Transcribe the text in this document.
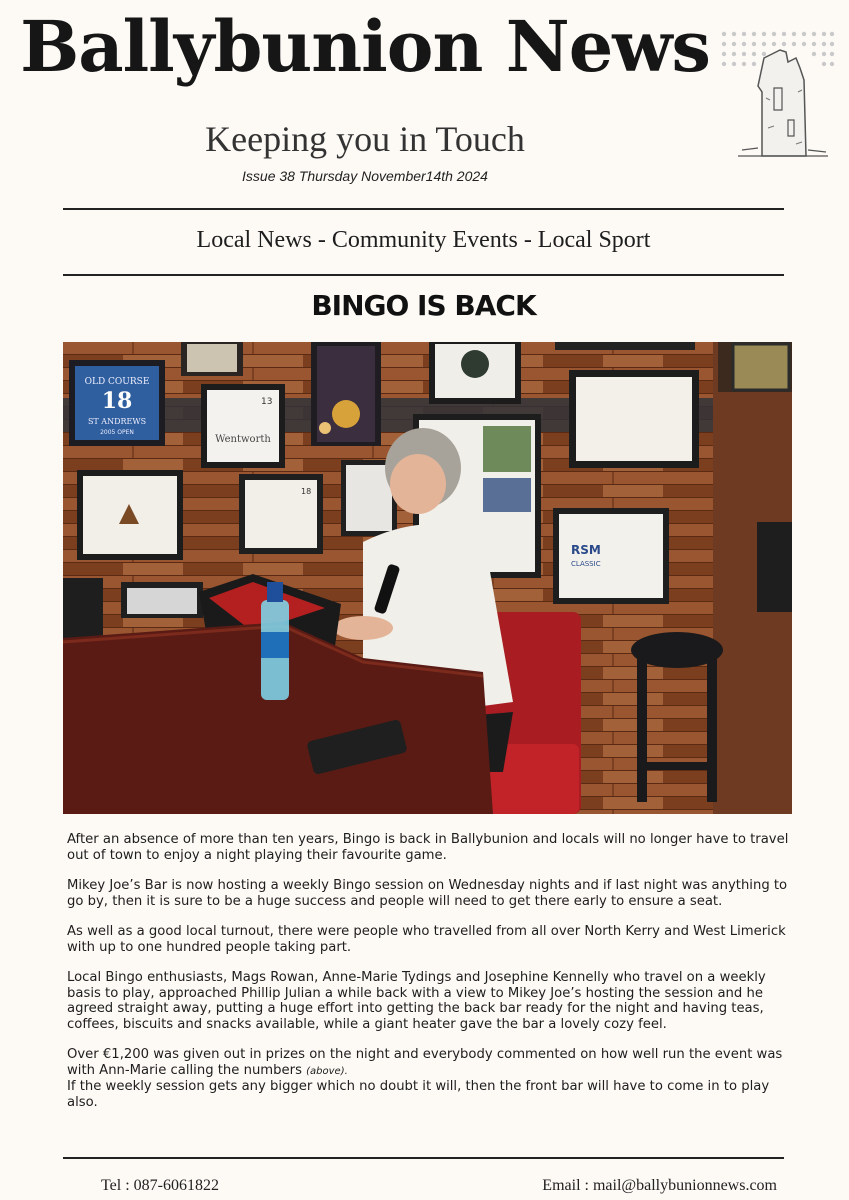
Ballybunion News
Keeping you in Touch
Issue 38 Thursday November14th 2024
Local News - Community Events - Local Sport
BINGO IS BACK
OLD COURSE
18
ST ANDREWS
2005 OPEN
13
Wentworth
18
RSM
CLASSIC

After an absence of more than ten years, Bingo is back in Ballybunion and locals will no longer have to travel out of town to enjoy a night playing their favourite game.

Mikey Joe’s Bar is now hosting a weekly Bingo session on Wednesday nights and if last night was anything to go by, then it is sure to be a huge success and people will need to get there early to ensure a seat.

As well as a good local turnout, there were people who travelled from all over North Kerry and West Limerick with up to one hundred people taking part.

Local Bingo enthusiasts, Mags Rowan, Anne-Marie Tydings and Josephine Kennelly who travel on a weekly basis to play, approached Phillip Julian a while back with a view to Mikey Joe’s hosting the session and he agreed straight away, putting a huge effort into getting the back bar ready for the night and having teas, coffees, biscuits and snacks available, while a giant heater gave the bar a lovely cozy feel.

Over €1,200 was given out in prizes on the night and everybody commented on how well run the event was with Ann-Marie calling the numbers (above).

If the weekly session gets any bigger which no doubt it will, then the front bar will have to come in to play also.

Tel : 087-6061822	Email : mail@ballybunionnews.com
